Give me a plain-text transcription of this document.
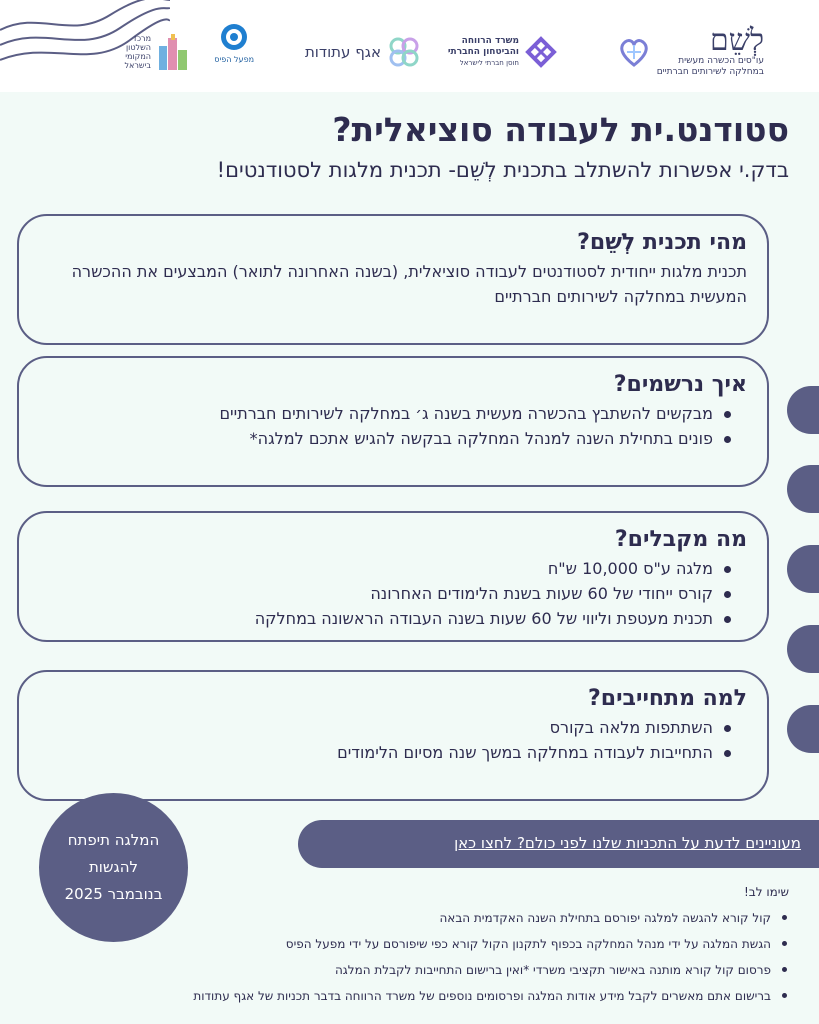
לְשֵׁם
עו"סים הכשרה מעשית
במחלקה לשירותים חברתיים
משרד הרווחה
והביטחון החברתי
חוסן חברתי לישראל
אגף עתודות
מפעל הפיס
מרכז
השלטון
המקומי
בישראל
סטודנט.ית לעבודה סוציאלית?
בדק.י אפשרות להשתלב בתכנית לְשֵׁם- תכנית מלגות לסטודנטים!
מהי תכנית לְשֵׁם?

תכנית מלגות ייחודית לסטודנטים לעבודה סוציאלית, (בשנה האחרונה לתואר) המבצעים את ההכשרה המעשית במחלקה לשירותים חברתיים

איך נרשמים?
מבקשים להשתבץ בהכשרה מעשית בשנה ג׳ במחלקה לשירותים חברתיים
פונים בתחילת השנה למנהל המחלקה בבקשה להגיש אתכם למלגה*
מה מקבלים?
מלגה ע"ס 10,000 ש"ח
קורס ייחודי של 60 שעות בשנת הלימודים האחרונה
תכנית מעטפת וליווי של 60 שעות בשנה העבודה הראשונה במחלקה
למה מתחייבים?
השתתפות מלאה בקורס
התחייבות לעבודה במחלקה במשך שנה מסיום הלימודים
המלגה תיפתח
להגשות
בנובמבר 2025
מעוניינים לדעת על התכניות שלנו לפני כולם? לחצו כאן
שימו לב!
קול קורא להגשה למלגה יפורסם בתחילת השנה האקדמית הבאה
הגשת המלגה על ידי מנהל המחלקה בכפוף לתקנון הקול קורא כפי שיפורסם על ידי מפעל הפיס
פרסום קול קורא מותנה באישור תקציבי משרדי *ואין ברישום התחייבות לקבלת המלגה
ברישום אתם מאשרים לקבל מידע אודות המלגה ופרסומים נוספים של משרד הרווחה בדבר תכניות של אגף עתודות
